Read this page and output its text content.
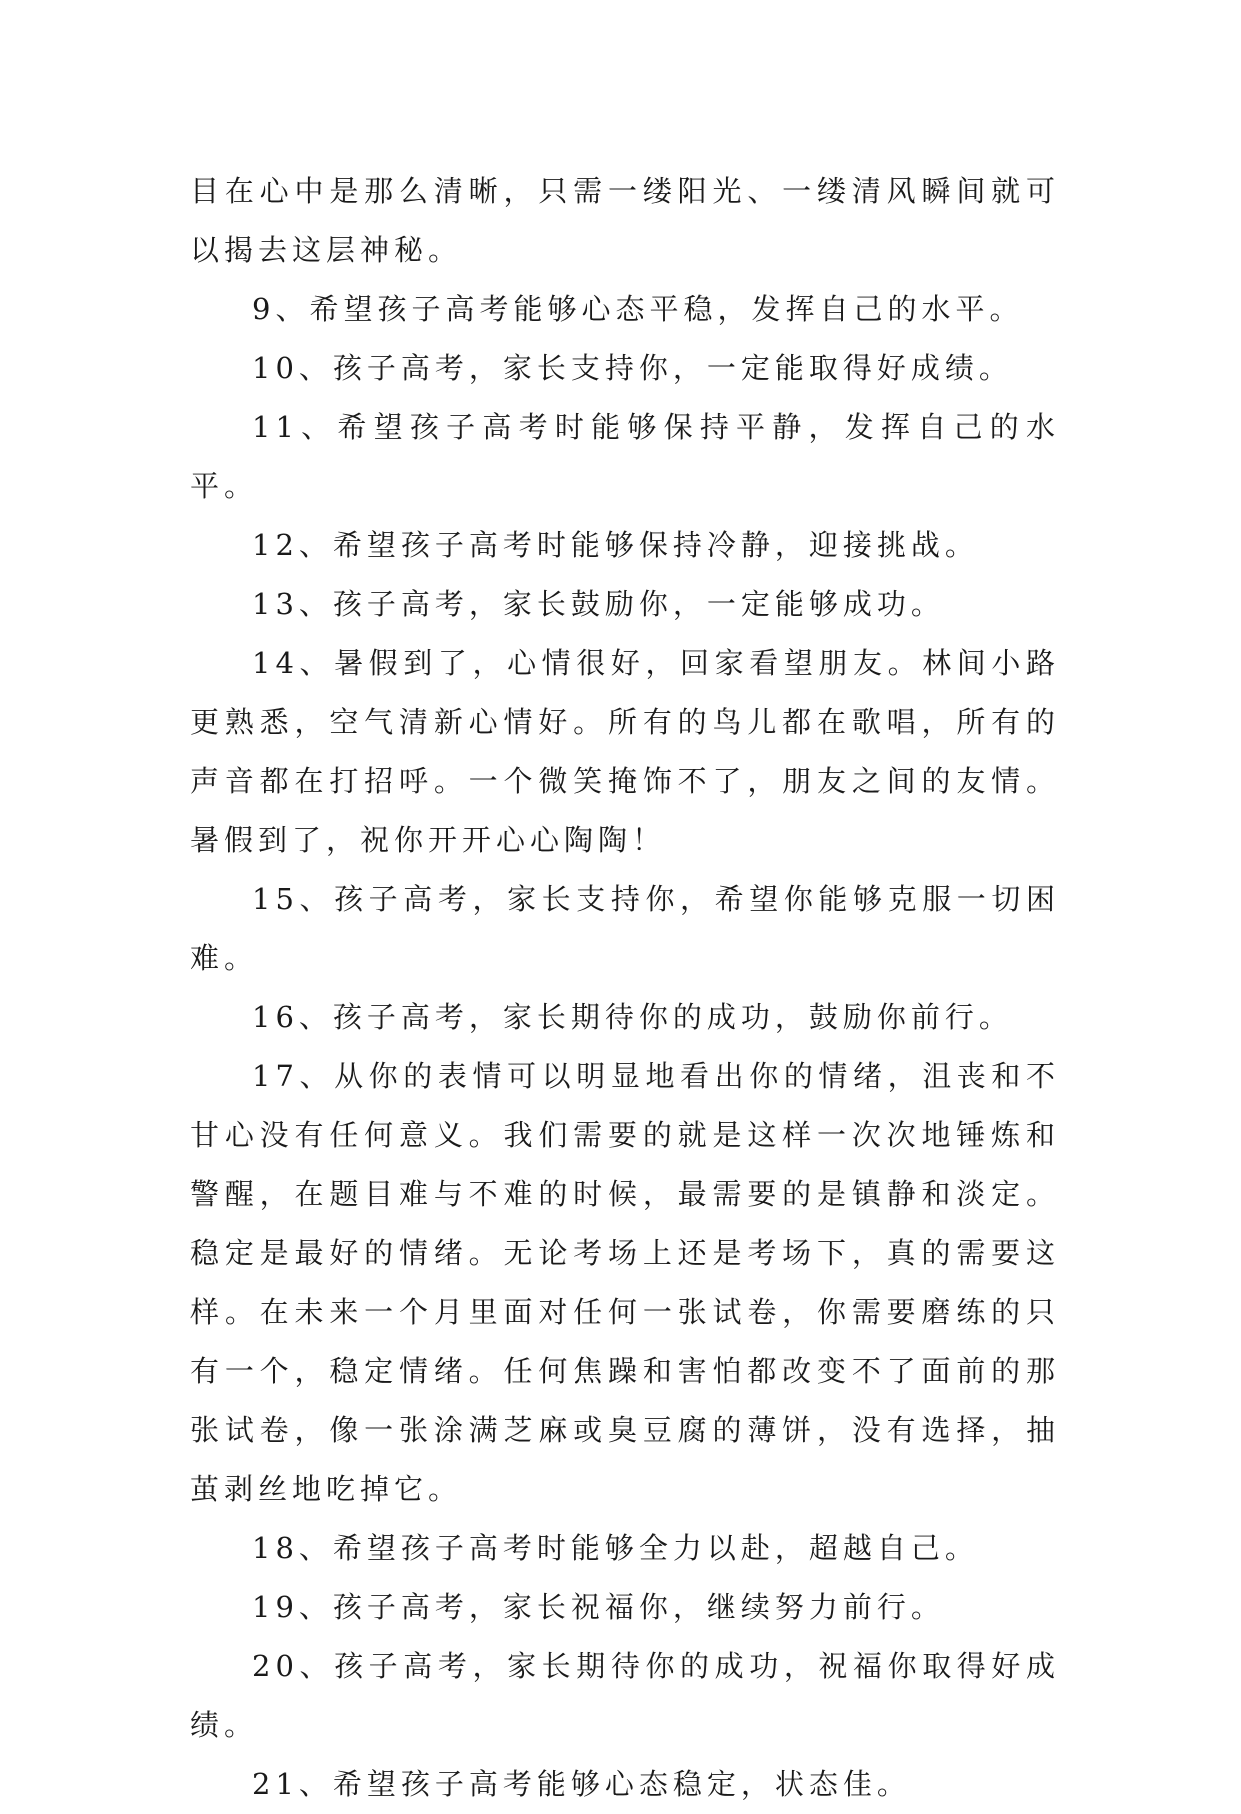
目在心中是那么清晰，只需一缕阳光、一缕清风瞬间就可以揭去这层神秘。

9、希望孩子高考能够心态平稳，发挥自己的水平。

10、孩子高考，家长支持你，一定能取得好成绩。

11、希望孩子高考时能够保持平静，发挥自己的水平。

12、希望孩子高考时能够保持冷静，迎接挑战。

13、孩子高考，家长鼓励你，一定能够成功。

14、暑假到了，心情很好，回家看望朋友。林间小路更熟悉，空气清新心情好。所有的鸟儿都在歌唱，所有的声音都在打招呼。一个微笑掩饰不了，朋友之间的友情。暑假到了，祝你开开心心陶陶！

15、孩子高考，家长支持你，希望你能够克服一切困难。

16、孩子高考，家长期待你的成功，鼓励你前行。

17、从你的表情可以明显地看出你的情绪，沮丧和不甘心没有任何意义。我们需要的就是这样一次次地锤炼和警醒，在题目难与不难的时候，最需要的是镇静和淡定。稳定是最好的情绪。无论考场上还是考场下，真的需要这样。在未来一个月里面对任何一张试卷，你需要磨练的只有一个，稳定情绪。任何焦躁和害怕都改变不了面前的那张试卷，像一张涂满芝麻或臭豆腐的薄饼，没有选择，抽茧剥丝地吃掉它。

18、希望孩子高考时能够全力以赴，超越自己。

19、孩子高考，家长祝福你，继续努力前行。

20、孩子高考，家长期待你的成功，祝福你取得好成绩。

21、希望孩子高考能够心态稳定，状态佳。
